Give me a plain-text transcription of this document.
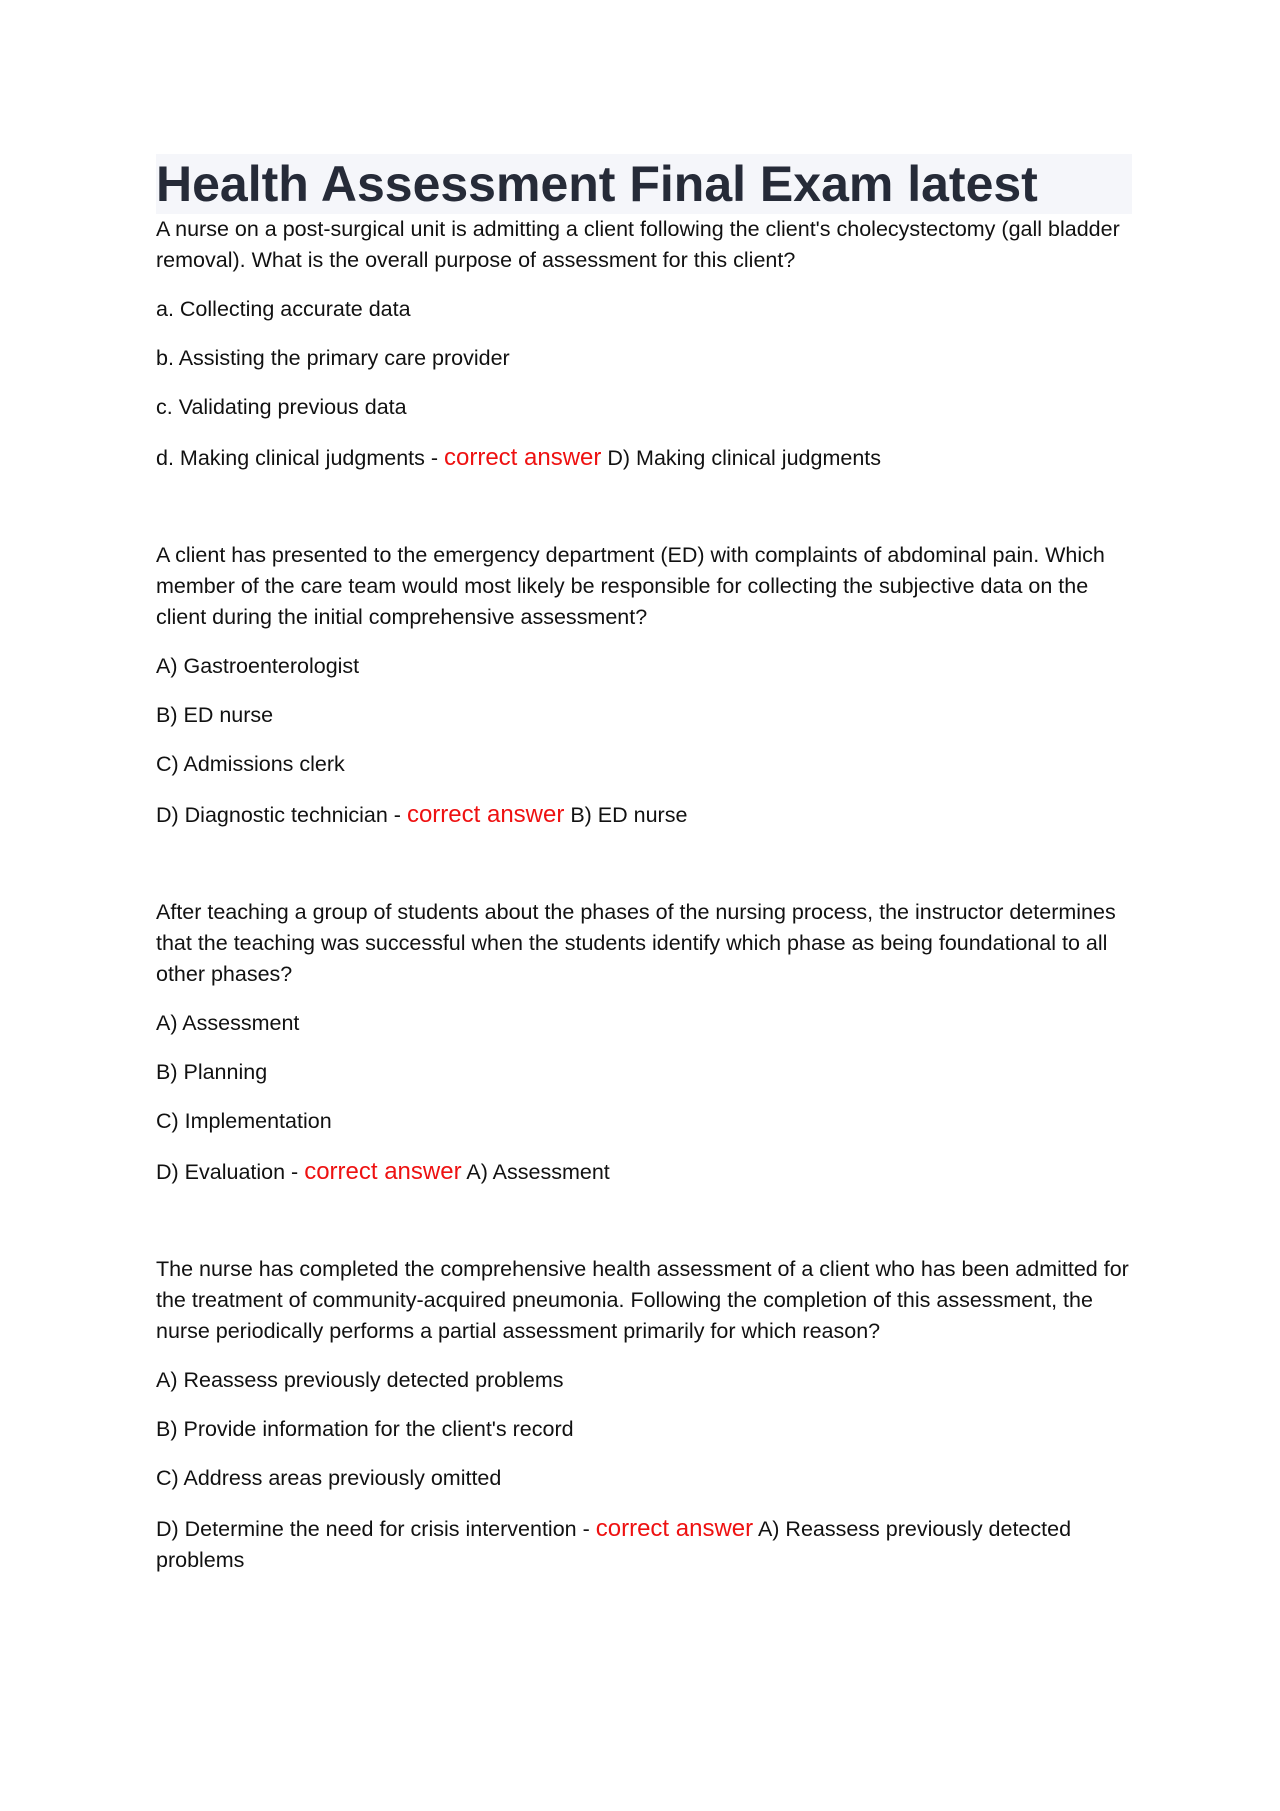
Health Assessment Final Exam latest

A nurse on a post-surgical unit is admitting a client following the client's cholecystectomy (gall bladder removal). What is the overall purpose of assessment for this client?

a. Collecting accurate data

b. Assisting the primary care provider

c. Validating previous data

d. Making clinical judgments - correct answer D) Making clinical judgments

A client has presented to the emergency department (ED) with complaints of abdominal pain. Which member of the care team would most likely be responsible for collecting the subjective data on the client during the initial comprehensive assessment?

A) Gastroenterologist

B) ED nurse

C) Admissions clerk

D) Diagnostic technician - correct answer B) ED nurse

After teaching a group of students about the phases of the nursing process, the instructor determines that the teaching was successful when the students identify which phase as being foundational to all other phases?

A) Assessment

B) Planning

C) Implementation

D) Evaluation - correct answer A) Assessment

The nurse has completed the comprehensive health assessment of a client who has been admitted for the treatment of community-acquired pneumonia. Following the completion of this assessment, the nurse periodically performs a partial assessment primarily for which reason?

A) Reassess previously detected problems

B) Provide information for the client's record

C) Address areas previously omitted

D) Determine the need for crisis intervention - correct answer A) Reassess previously detected problems
